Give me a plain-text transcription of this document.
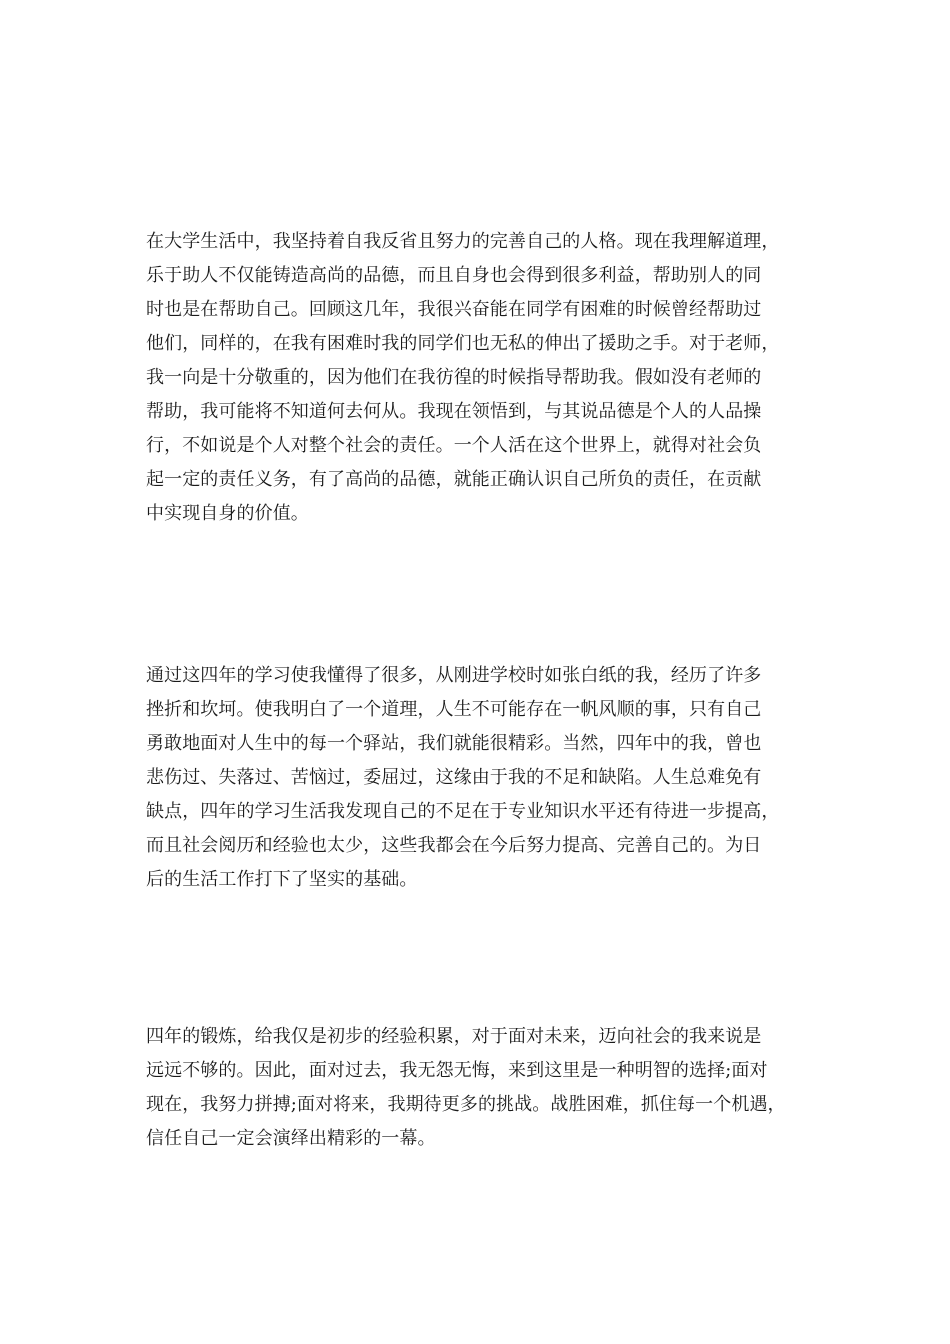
在大学生活中，我坚持着自我反省且努力的完善自己的人格。现在我理解道理，
乐于助人不仅能铸造高尚的品德，而且自身也会得到很多利益，帮助别人的同
时也是在帮助自己。回顾这几年，我很兴奋能在同学有困难的时候曾经帮助过
他们，同样的，在我有困难时我的同学们也无私的伸出了援助之手。对于老师，
我一向是十分敬重的，因为他们在我彷徨的时候指导帮助我。假如没有老师的
帮助，我可能将不知道何去何从。我现在领悟到，与其说品德是个人的人品操
行，不如说是个人对整个社会的责任。一个人活在这个世界上，就得对社会负
起一定的责任义务，有了高尚的品德，就能正确认识自己所负的责任，在贡献
中实现自身的价值。
通过这四年的学习使我懂得了很多，从刚进学校时如张白纸的我，经历了许多
挫折和坎坷。使我明白了一个道理，人生不可能存在一帆风顺的事，只有自己
勇敢地面对人生中的每一个驿站，我们就能很精彩。当然，四年中的我，曾也
悲伤过、失落过、苦恼过，委屈过，这缘由于我的不足和缺陷。人生总难免有
缺点，四年的学习生活我发现自己的不足在于专业知识水平还有待进一步提高，
而且社会阅历和经验也太少，这些我都会在今后努力提高、完善自己的。为日
后的生活工作打下了坚实的基础。
四年的锻炼，给我仅是初步的经验积累，对于面对未来，迈向社会的我来说是
远远不够的。因此，面对过去，我无怨无悔，来到这里是一种明智的选择;面对
现在，我努力拼搏;面对将来，我期待更多的挑战。战胜困难，抓住每一个机遇，
信任自己一定会演绎出精彩的一幕。
